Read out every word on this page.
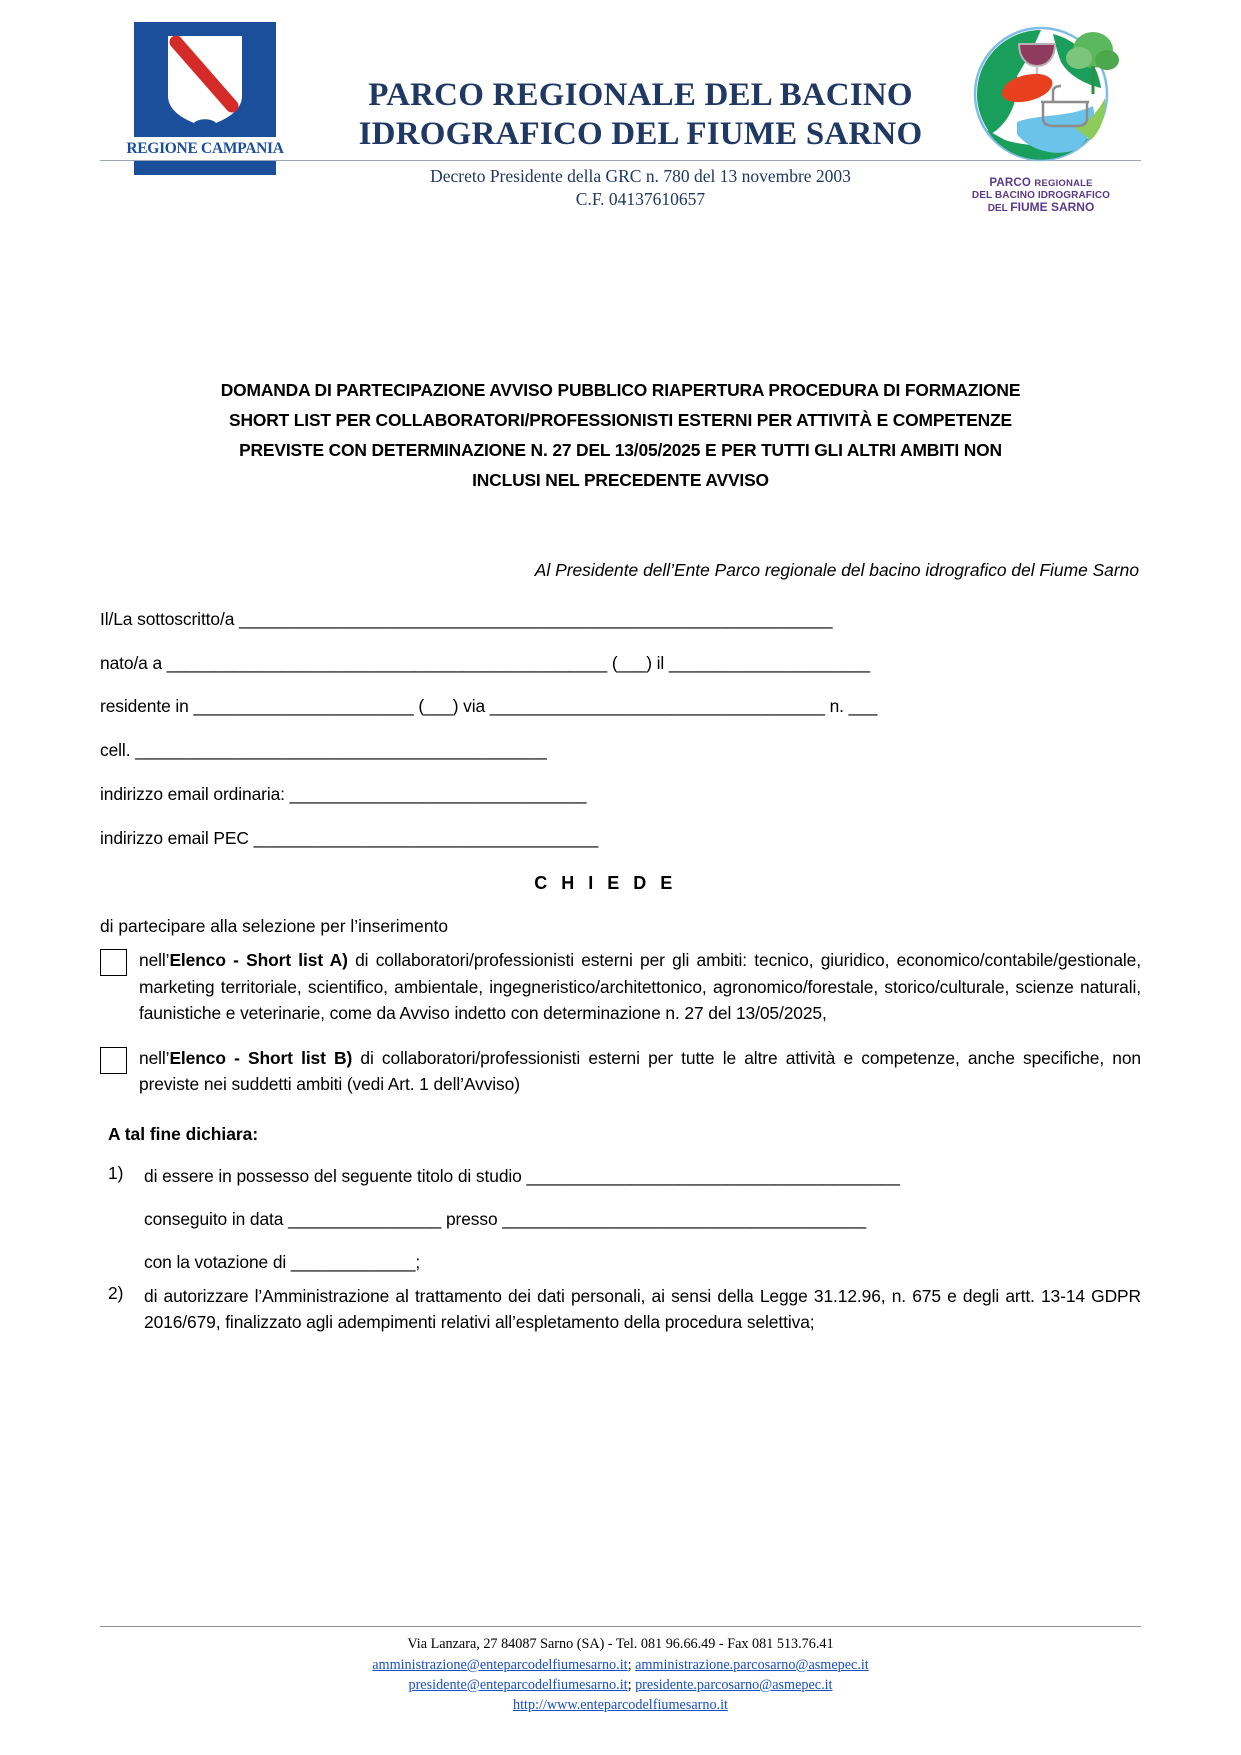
REGIONE CAMPANIA
PARCO REGIONALE DEL BACINO
IDROGRAFICO DEL FIUME SARNO
Decreto Presidente della GRC n. 780 del 13 novembre 2003
C.F. 04137610657
PARCO REGIONALE
DEL BACINO IDROGRAFICO
DEL FIUME SARNO
DOMANDA DI PARTECIPAZIONE AVVISO PUBBLICO RIAPERTURA PROCEDURA DI FORMAZIONE
SHORT LIST PER COLLABORATORI/PROFESSIONISTI ESTERNI PER ATTIVITÀ E COMPETENZE
PREVISTE CON DETERMINAZIONE N. 27 DEL 13/05/2025 E PER TUTTI GLI ALTRI AMBITI NON
INCLUSI NEL PRECEDENTE AVVISO
Al Presidente dell’Ente Parco regionale del bacino idrografico del Fiume Sarno
Il/La sottoscritto/a ______________________________________________________________
nato/a a ______________________________________________ (___) il _____________________
residente in _______________________ (___) via ___________________________________ n. ___
cell. ___________________________________________
indirizzo email ordinaria: _______________________________
indirizzo email PEC ____________________________________
C H I E D E
di partecipare alla selezione per l’inserimento
nell’Elenco - Short list A) di collaboratori/professionisti esterni per gli ambiti: tecnico, giuridico, economico/contabile/gestionale, marketing territoriale, scientifico, ambientale, ingegneristico/architettonico, agronomico/forestale, storico/culturale, scienze naturali, faunistiche e veterinarie, come da Avviso indetto con determinazione n. 27 del 13/05/2025,
nell’Elenco - Short list B) di collaboratori/professionisti esterni per tutte le altre attività e competenze, anche specifiche, non previste nei suddetti ambiti (vedi Art. 1 dell’Avviso)
A tal fine dichiara:
1)	di essere in possesso del seguente titolo di studio _______________________________________
conseguito in data ________________ presso ______________________________________
con la votazione di _____________;
2)	di autorizzare l’Amministrazione al trattamento dei dati personali, ai sensi della Legge 31.12.96, n. 675 e degli artt. 13-14 GDPR 2016/679, finalizzato agli adempimenti relativi all’espletamento della procedura selettiva;
Via Lanzara, 27 84087 Sarno (SA) - Tel. 081 96.66.49 - Fax 081 513.76.41
amministrazione@enteparcodelfiumesarno.it; amministrazione.parcosarno@asmepec.it
presidente@enteparcodelfiumesarno.it; presidente.parcosarno@asmepec.it
http://www.enteparcodelfiumesarno.it
